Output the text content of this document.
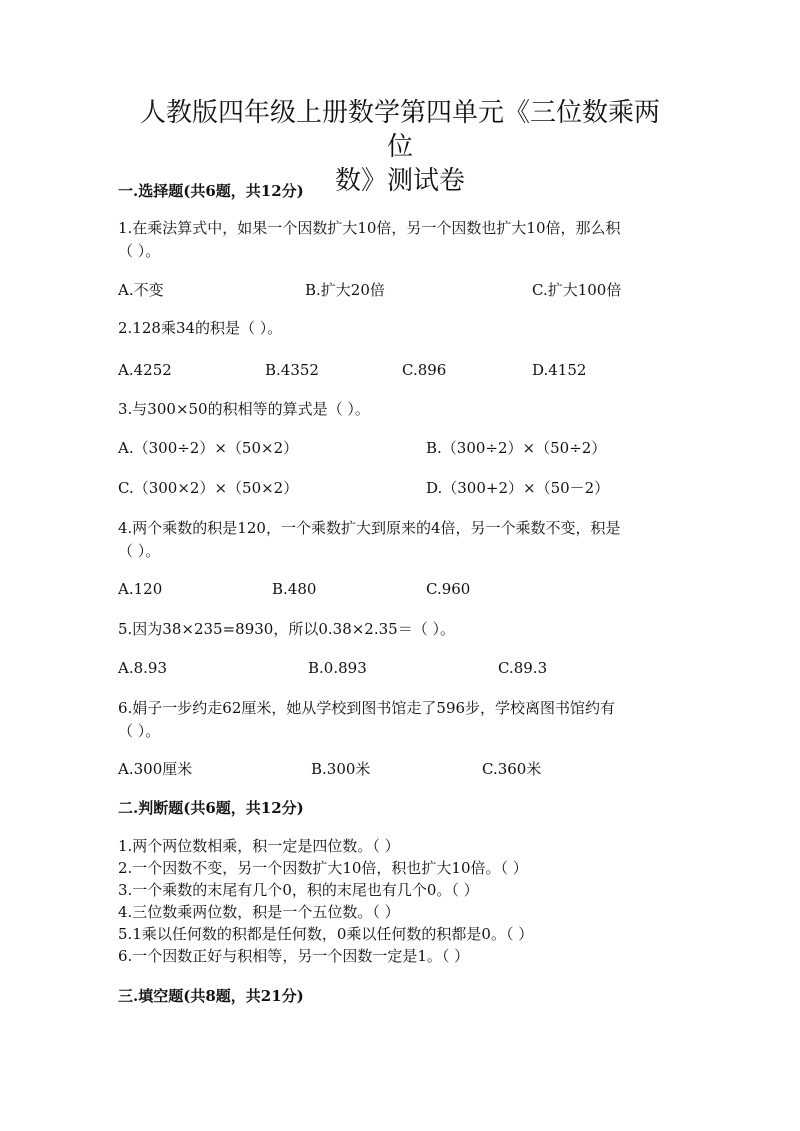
人教版四年级上册数学第四单元《三位数乘两位
数》测试卷
一.选择题(共6题，共12分)
1.在乘法算式中，如果一个因数扩大10倍，另一个因数也扩大10倍，那么积
（ ）。
A.不变	B.扩大20倍	C.扩大100倍
2.128乘34的积是（ ）。
A.4252	B.4352	C.896	D.4152
3.与300×50的积相等的算式是（ ）。
A.（300÷2）×（50×2）	B.（300÷2）×（50÷2）
C.（300×2）×（50×2）	D.（300+2）×（50－2）
4.两个乘数的积是120，一个乘数扩大到原来的4倍，另一个乘数不变，积是
（ ）。
A.120	B.480	C.960
5.因为38×235=8930，所以0.38×2.35＝（ ）。
A.8.93	B.0.893	C.89.3
6.娟子一步约走62厘米，她从学校到图书馆走了596步，学校离图书馆约有
（ ）。
A.300厘米	B.300米	C.360米
二.判断题(共6题，共12分)
1.两个两位数相乘，积一定是四位数。（ ）
2.一个因数不变，另一个因数扩大10倍，积也扩大10倍。（ ）
3.一个乘数的末尾有几个0，积的末尾也有几个0。（ ）
4.三位数乘两位数，积是一个五位数。（ ）
5.1乘以任何数的积都是任何数，0乘以任何数的积都是0。（ ）
6.一个因数正好与积相等，另一个因数一定是1。（ ）
三.填空题(共8题，共21分)
